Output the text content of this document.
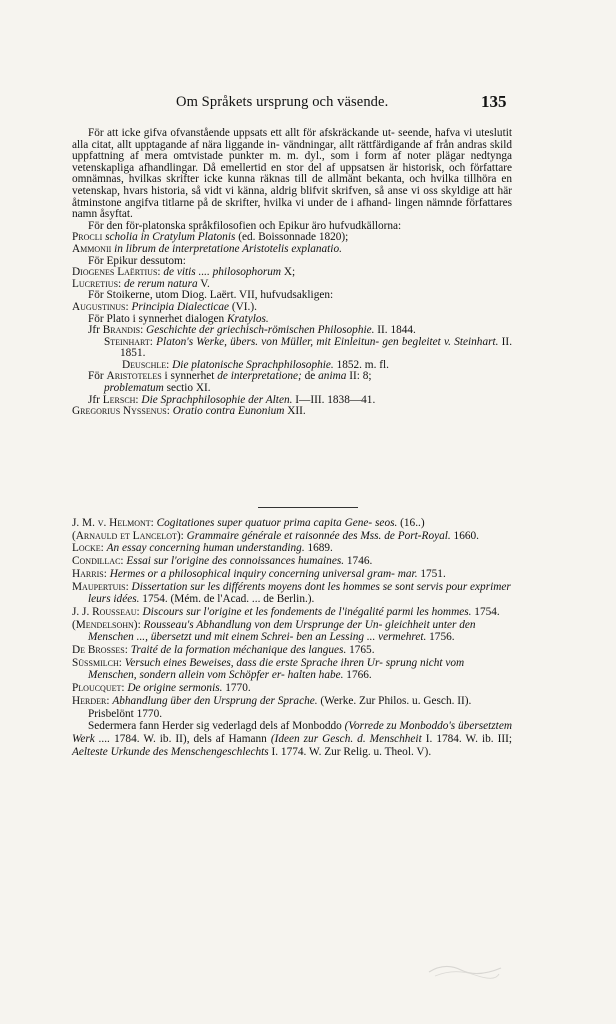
Om Språkets ursprung och väsende.	135

För att icke gifva ofvanstående uppsats ett allt för afskräckande ut- seende, hafva vi uteslutit alla citat, allt upptagande af nära liggande in- vändningar, allt rättfärdigande af från andras skild uppfattning af mera omtvistade punkter m. m. dyl., som i form af noter plägar nedtynga vetenskapliga afhandlingar. Då emellertid en stor del af uppsatsen är historisk, och författare omnämnas, hvilkas skrifter icke kunna räknas till de allmänt bekanta, och hvilka tillhöra en vetenskap, hvars historia, så vidt vi känna, aldrig blifvit skrifven, så anse vi oss skyldige att här åtminstone angifva titlarne på de skrifter, hvilka vi under de i afhand- lingen nämnde författares namn åsyftat.

För den för-platonska språkfilosofien och Epikur äro hufvudkällorna:

Procli scholia in Cratylum Platonis (ed. Boissonnade 1820);

Ammonii in librum de interpretatione Aristotelis explanatio.

För Epikur dessutom:

Diogenes Laërtius: de vitis .... philosophorum X;

Lucretius: de rerum natura V.

För Stoikerne, utom Diog. Laërt. VII, hufvudsakligen:

Augustinus: Principia Dialecticae (VI.).

För Plato i synnerhet dialogen Kratylos.

Jfr Brandis: Geschichte der griechisch-römischen Philosophie. II. 1844.

Steinhart: Platon's Werke, übers. von Müller, mit Einleitun- gen begleitet v. Steinhart. II. 1851.

Deuschle: Die platonische Sprachphilosophie. 1852. m. fl.

För Aristoteles i synnerhet de interpretatione; de anima II: 8;
problematum sectio XI.

Jfr Lersch: Die Sprachphilosophie der Alten. I—III. 1838—41.

Gregorius Nyssenus: Oratio contra Eunonium XII.

J. M. v. Helmont: Cogitationes super quatuor prima capita Gene- seos. (16..)

(Arnauld et Lancelot): Grammaire générale et raisonnée des Mss. de Port-Royal. 1660.

Locke: An essay concerning human understanding. 1689.

Condillac: Essai sur l'origine des connoissances humaines. 1746.

Harris: Hermes or a philosophical inquiry concerning universal gram- mar. 1751.

Maupertuis: Dissertation sur les différents moyens dont les hommes se sont servis pour exprimer leurs idées. 1754. (Mém. de l'Acad. ... de Berlin.).

J. J. Rousseau: Discours sur l'origine et les fondements de l'inégalité parmi les hommes. 1754.

(Mendelsohn): Rousseau's Abhandlung von dem Ursprunge der Un- gleichheit unter den Menschen ..., übersetzt und mit einem Schrei- ben an Lessing ... vermehret. 1756.

De Brosses: Traité de la formation méchanique des langues. 1765.

Süssmilch: Versuch eines Beweises, dass die erste Sprache ihren Ur- sprung nicht vom Menschen, sondern allein vom Schöpfer er- halten habe. 1766.

Ploucquet: De origine sermonis. 1770.

Herder: Abhandlung über den Ursprung der Sprache. (Werke. Zur Philos. u. Gesch. II). Prisbelönt 1770.

Sedermera fann Herder sig vederlagd dels af Monboddo (Vorrede zu Monboddo's übersetztem Werk .... 1784. W. ib. II), dels af Hamann (Ideen zur Gesch. d. Menschheit I. 1784. W. ib. III; Aelteste Urkunde des Menschengeschlechts I. 1774. W. Zur Relig. u. Theol. V).
